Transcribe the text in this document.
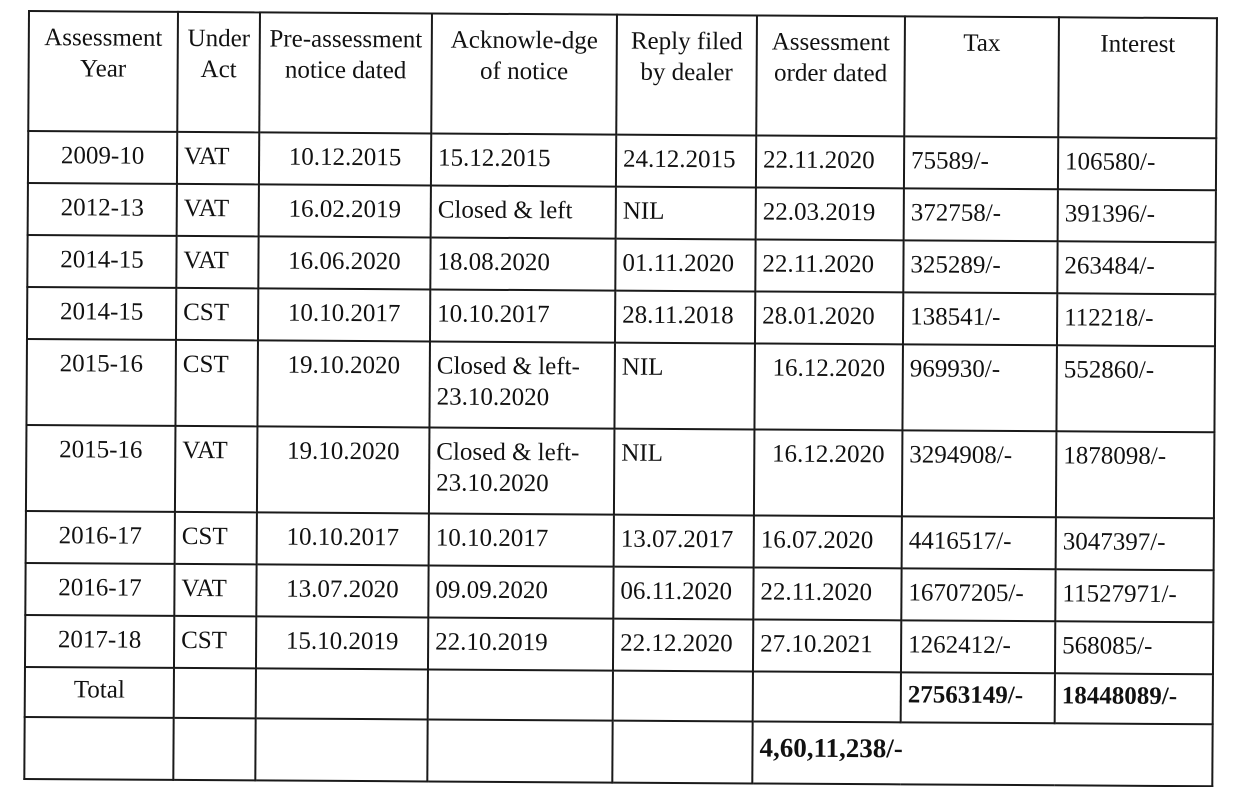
Assessment Year	Under Act	Pre-assessment notice dated	Acknowle-dge of notice	Reply filed by dealer	Assessment order dated	Tax	Interest
2009-10	VAT	10.12.2015	15.12.2015	24.12.2015	22.11.2020	75589/-	106580/-
2012-13	VAT	16.02.2019	Closed & left	NIL	22.03.2019	372758/-	391396/-
2014-15	VAT	16.06.2020	18.08.2020	01.11.2020	22.11.2020	325289/-	263484/-
2014-15	CST	10.10.2017	10.10.2017	28.11.2018	28.01.2020	138541/-	112218/-
2015-16	CST	19.10.2020	Closed & left-23.10.2020	NIL	16.12.2020	969930/-	552860/-
2015-16	VAT	19.10.2020	Closed & left-23.10.2020	NIL	16.12.2020	3294908/-	1878098/-
2016-17	CST	10.10.2017	10.10.2017	13.07.2017	16.07.2020	4416517/-	3047397/-
2016-17	VAT	13.07.2020	09.09.2020	06.11.2020	22.11.2020	16707205/-	11527971/-
2017-18	CST	15.10.2019	22.10.2019	22.12.2020	27.10.2021	1262412/-	568085/-
Total						27563149/-	18448089/-
					4,60,11,238/-		
